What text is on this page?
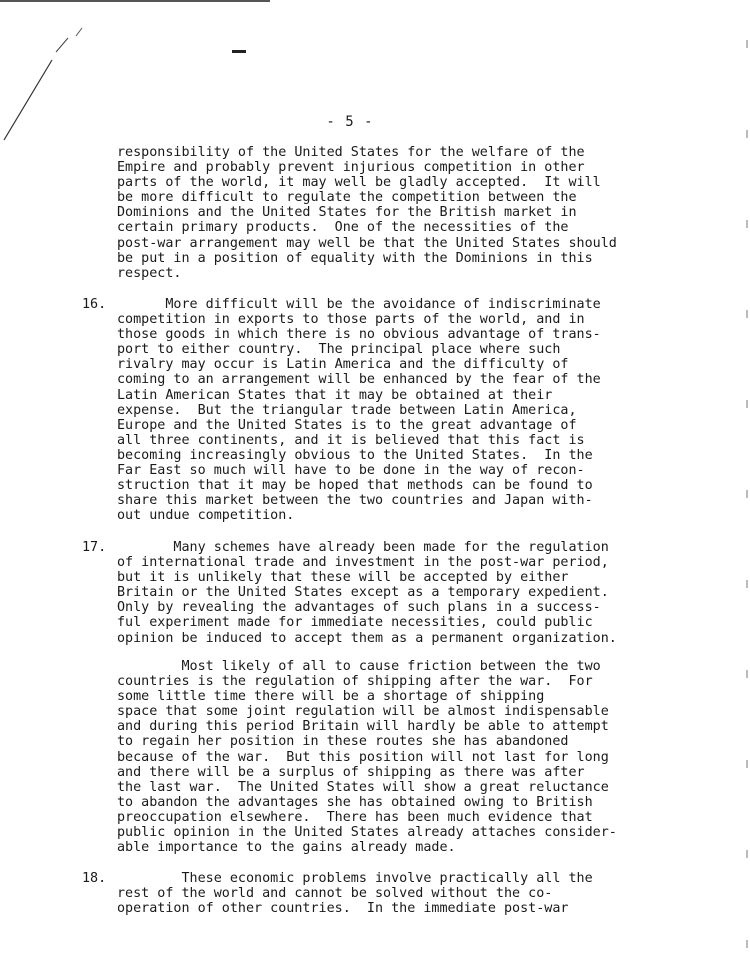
- 5 -
responsibility of the United States for the welfare of the
Empire and probably prevent injurious competition in other
parts of the world, it may well be gladly accepted.  It will
be more difficult to regulate the competition between the
Dominions and the United States for the British market in
certain primary products.  One of the necessities of the
post-war arrangement may well be that the United States should
be put in a position of equality with the Dominions in this
respect.
16. More difficult will be the avoidance of indiscriminate
competition in exports to those parts of the world, and in
those goods in which there is no obvious advantage of trans-
port to either country.  The principal place where such
rivalry may occur is Latin America and the difficulty of
coming to an arrangement will be enhanced by the fear of the
Latin American States that it may be obtained at their
expense.  But the triangular trade between Latin America,
Europe and the United States is to the great advantage of
all three continents, and it is believed that this fact is
becoming increasingly obvious to the United States.  In the
Far East so much will have to be done in the way of recon-
struction that it may be hoped that methods can be found to
share this market between the two countries and Japan with-
out undue competition.
17. Many schemes have already been made for the regulation
of international trade and investment in the post-war period,
but it is unlikely that these will be accepted by either
Britain or the United States except as a temporary expedient.
Only by revealing the advantages of such plans in a success-
ful experiment made for immediate necessities, could public
opinion be induced to accept them as a permanent organization.
Most likely of all to cause friction between the two
countries is the regulation of shipping after the war.  For
some little time there will be a shortage of shipping
space that some joint regulation will be almost indispensable
and during this period Britain will hardly be able to attempt
to regain her position in these routes she has abandoned
because of the war.  But this position will not last for long
and there will be a surplus of shipping as there was after
the last war.  The United States will show a great reluctance
to abandon the advantages she has obtained owing to British
preoccupation elsewhere.  There has been much evidence that
public opinion in the United States already attaches consider-
able importance to the gains already made.
18. These economic problems involve practically all the
rest of the world and cannot be solved without the co-
operation of other countries.  In the immediate post-war
